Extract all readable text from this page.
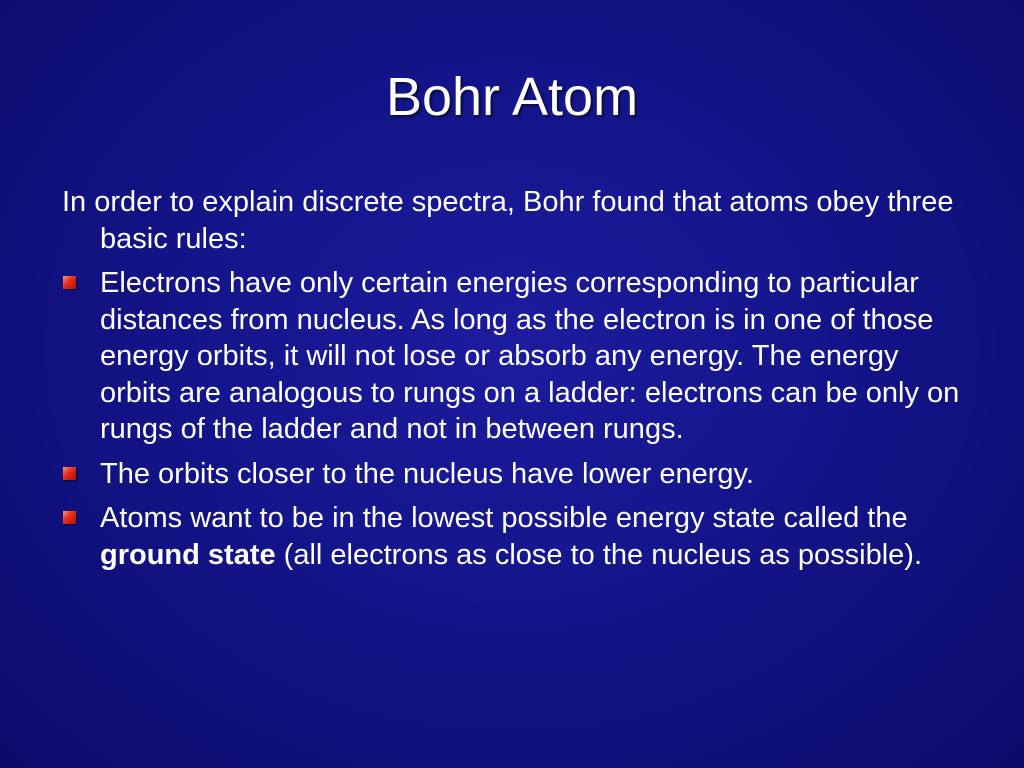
Bohr Atom

In order to explain discrete spectra, Bohr found that atoms obey three basic rules:

Electrons have only certain energies corresponding to particular distances from nucleus. As long as the electron is in one of those energy orbits, it will not lose or absorb any energy. The energy orbits are analogous to rungs on a ladder: electrons can be only on rungs of the ladder and not in between rungs.
The orbits closer to the nucleus have lower energy.
Atoms want to be in the lowest possible energy state called the ground state (all electrons as close to the nucleus as possible).
